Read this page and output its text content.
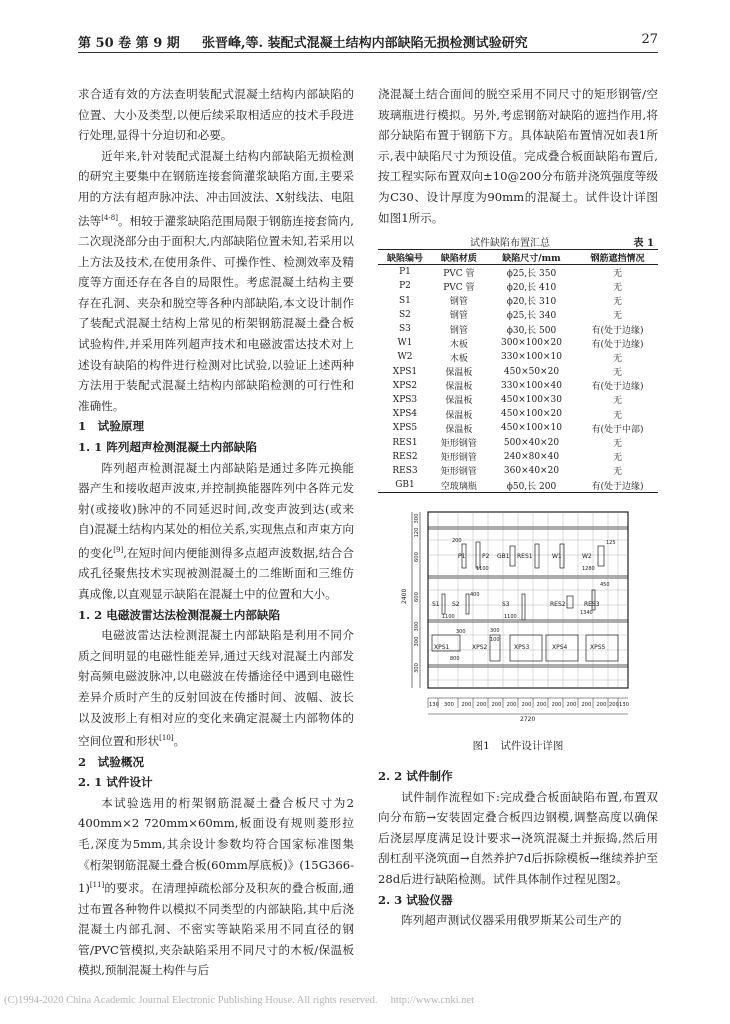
第 50 卷 第 9 期 张晋峰,等. 装配式混凝土结构内部缺陷无损检测试验研究	27

求合适有效的方法查明装配式混凝土结构内部缺陷的位置、大小及类型,以便后续采取相适应的技术手段进行处理,显得十分迫切和必要。

近年来,针对装配式混凝土结构内部缺陷无损检测的研究主要集中在钢筋连接套筒灌浆缺陷方面,主要采用的方法有超声脉冲法、冲击回波法、X射线法、电阻法等[4-8]。相较于灌浆缺陷范围局限于钢筋连接套筒内,二次现浇部分由于面积大,内部缺陷位置未知,若采用以上方法及技术,在使用条件、可操作性、检测效率及精度等方面还存在各自的局限性。考虑混凝土结构主要存在孔洞、夹杂和脱空等各种内部缺陷,本文设计制作了装配式混凝土结构上常见的桁架钢筋混凝土叠合板试验构件,并采用阵列超声技术和电磁波雷达技术对上述设有缺陷的构件进行检测对比试验,以验证上述两种方法用于装配式混凝土结构内部缺陷检测的可行性和准确性。

1　试验原理
1. 1 阵列超声检测混凝土内部缺陷

阵列超声检测混凝土内部缺陷是通过多阵元换能器产生和接收超声波束,并控制换能器阵列中各阵元发射(或接收)脉冲的不同延迟时间,改变声波到达(或来自)混凝土结构内某处的相位关系,实现焦点和声束方向的变化[9],在短时间内便能测得多点超声波数据,结合合成孔径聚焦技术实现被测混凝土的二维断面和三维仿真成像,以直观显示缺陷在混凝土中的位置和大小。

1. 2 电磁波雷达法检测混凝土内部缺陷

电磁波雷达法检测混凝土内部缺陷是利用不同介质之间明显的电磁性能差异,通过天线对混凝土内部发射高频电磁波脉冲,以电磁波在传播途径中遇到电磁性差异介质时产生的反射回波在传播时间、波幅、波长以及波形上有相对应的变化来确定混凝土内部物体的空间位置和形状[10]。

2　试验概况
2. 1 试件设计

本试验选用的桁架钢筋混凝土叠合板尺寸为2 400mm×2 720mm×60mm,板面设有规则菱形拉毛,深度为5mm,其余设计参数均符合国家标准图集《桁架钢筋混凝土叠合板(60mm厚底板)》(15G366-1)[11]的要求。在清理掉疏松部分及积灰的叠合板面,通过布置各种物件以模拟不同类型的内部缺陷,其中后浇混凝土内部孔洞、不密实等缺陷采用不同直径的钢管/PVC管模拟,夹杂缺陷采用不同尺寸的木板/保温板模拟,预制混凝土构件与后

浇混凝土结合面间的脱空采用不同尺寸的矩形钢管/空玻璃瓶进行模拟。另外,考虑钢筋对缺陷的遮挡作用,将部分缺陷布置于钢筋下方。具体缺陷布置情况如表1所示,表中缺陷尺寸为预设值。完成叠合板面缺陷布置后,按工程实际布置双向±10@200分布筋并浇筑强度等级为C30、设计厚度为90mm的混凝土。试件设计详图如图1所示。

试件缺陷布置汇总	表 1
缺陷编号	缺陷材质	缺陷尺寸/mm	钢筋遮挡情况
P1	PVC 管	ϕ25,长 350	无
P2	PVC 管	ϕ20,长 410	无
S1	钢管	ϕ20,长 310	无
S2	钢管	ϕ25,长 340	无
S3	钢管	ϕ30,长 500	有(处于边缘)
W1	木板	300×100×20	有(处于边缘)
W2	木板	330×100×10	无
XPS1	保温板	450×50×20	无
XPS2	保温板	330×100×40	有(处于边缘)
XPS3	保温板	450×100×30	无
XPS4	保温板	450×100×20	无
XPS5	保温板	450×100×10	有(处于中部)
RES1	矩形钢管	500×40×20	无
RES2	矩形钢管	240×80×40	无
RES3	矩形钢管	360×40×20	无
GB1	空玻璃瓶	ϕ50,长 200	有(处于边缘)
P1	P2 GB1 RES1	W1	W2
S1 S2	S3	RES2	RES3
XPS1	XPS2	XPS3	XPS4	XPS5
200
1100	1280
125
450
400
1340
1100	1100
300
100
800
300
130 300 200 200 200 200 200 200 200 200 200 200 200 130
2720
300
120
600
600
300
300
300
2400
图1　试件设计详图
2. 2 试件制作

试件制作流程如下:完成叠合板面缺陷布置,布置双向分布筋→安装固定叠合板四边钢模,调整高度以确保后浇层厚度满足设计要求→浇筑混凝土并振捣,然后用刮杠刮平浇筑面→自然养护7d后拆除模板→继续养护至28d后进行缺陷检测。试件具体制作过程见图2。

2. 3 试验仪器

阵列超声测试仪器采用俄罗斯某公司生产的

(C)1994-2020 China Academic Journal Electronic Publishing House. All rights reserved.　 http://www.cnki.net
